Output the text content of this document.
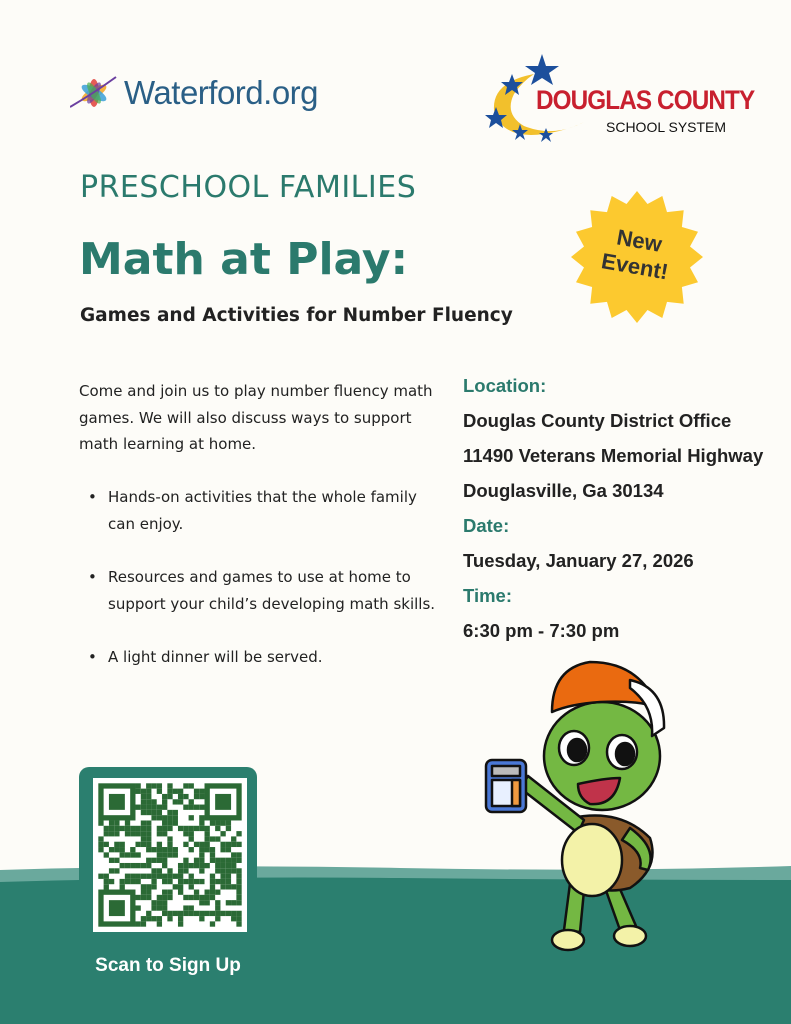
Waterford.org	DOUGLAS COUNTY
SCHOOL SYSTEM
PRESCHOOL FAMILIES
Math at Play:
Games and Activities for Number Fluency
New
Event!
Come and join us to play number fluency math games. We will also discuss ways to support math learning at home.
• Hands-on activities that the whole family can enjoy.
• Resources and games to use at home to support your child’s developing math skills.
• A light dinner will be served.
Location:
Douglas County District Office
11490 Veterans Memorial Highway
Douglasville, Ga 30134
Date:
Tuesday, January 27, 2026
Time:
6:30 pm - 7:30 pm
Scan to Sign Up
